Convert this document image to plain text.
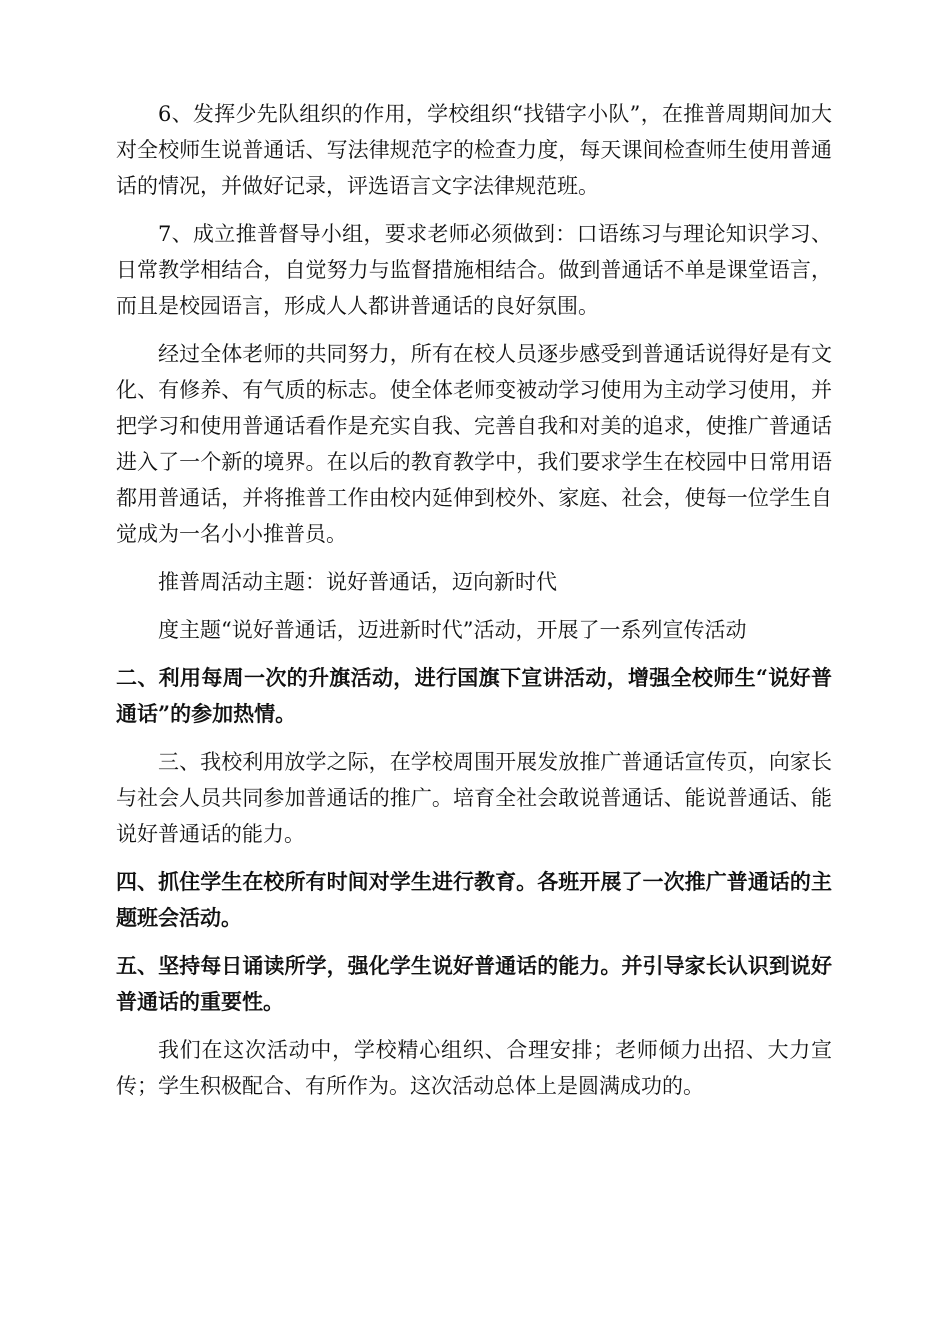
6、发挥少先队组织的作用，学校组织“找错字小队”，在推普周期间加大对全校师生说普通话、写法律规范字的检查力度，每天课间检查师生使用普通话的情况，并做好记录，评选语言文字法律规范班。

7、成立推普督导小组，要求老师必须做到：口语练习与理论知识学习、日常教学相结合，自觉努力与监督措施相结合。做到普通话不单是课堂语言，而且是校园语言，形成人人都讲普通话的良好氛围。

经过全体老师的共同努力，所有在校人员逐步感受到普通话说得好是有文化、有修养、有气质的标志。使全体老师变被动学习使用为主动学习使用，并把学习和使用普通话看作是充实自我、完善自我和对美的追求，使推广普通话进入了一个新的境界。在以后的教育教学中，我们要求学生在校园中日常用语都用普通话，并将推普工作由校内延伸到校外、家庭、社会，使每一位学生自觉成为一名小小推普员。

推普周活动主题：说好普通话，迈向新时代

度主题“说好普通话，迈进新时代”活动，开展了一系列宣传活动

二、利用每周一次的升旗活动，进行国旗下宣讲活动，增强全校师生“说好普通话”的参加热情。

三、我校利用放学之际，在学校周围开展发放推广普通话宣传页，向家长与社会人员共同参加普通话的推广。培育全社会敢说普通话、能说普通话、能说好普通话的能力。

四、抓住学生在校所有时间对学生进行教育。各班开展了一次推广普通话的主题班会活动。

五、坚持每日诵读所学，强化学生说好普通话的能力。并引导家长认识到说好普通话的重要性。

我们在这次活动中，学校精心组织、合理安排；老师倾力出招、大力宣传；学生积极配合、有所作为。这次活动总体上是圆满成功的。
